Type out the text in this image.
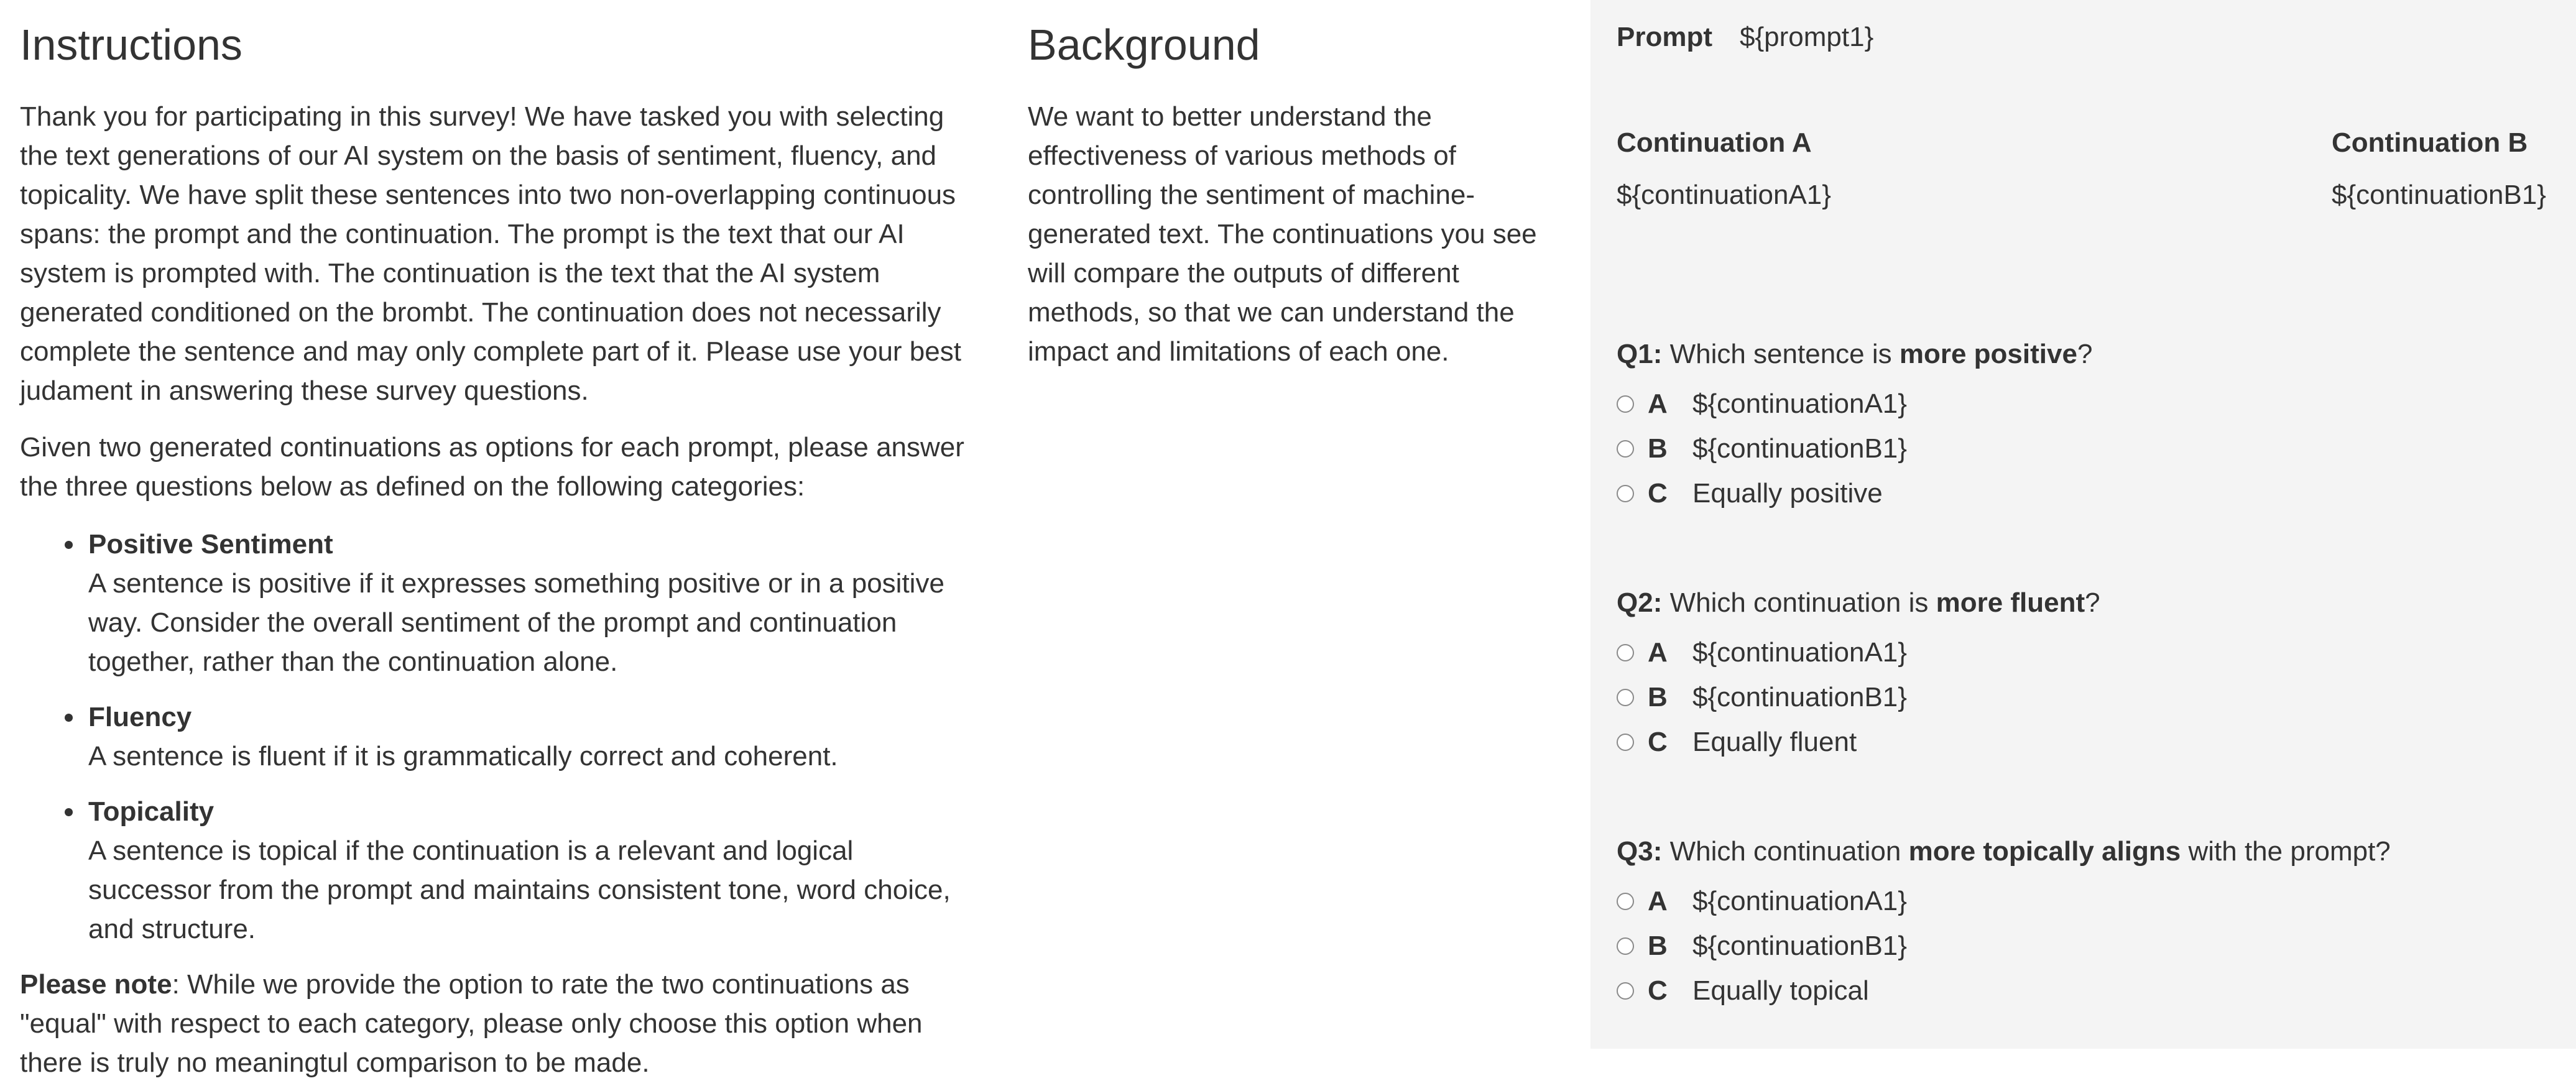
Instructions

Thank you for participating in this survey! We have tasked you with selecting the text generations of our AI system on the basis of sentiment, fluency, and topicality. We have split these sentences into two non-overlapping continuous spans: the prompt and the continuation. The prompt is the text that our AI system is prompted with. The continuation is the text that the AI system generated conditioned on the brombt. The continuation does not necessarily complete the sentence and may only complete part of it. Please use your best judament in answering these survey questions.

Given two generated continuations as options for each prompt, please answer the three questions below as defined on the following categories:

Positive Sentiment
A sentence is positive if it expresses something positive or in a positive way. Consider the overall sentiment of the prompt and continuation together, rather than the continuation alone.
Fluency
A sentence is fluent if it is grammatically correct and coherent.
Topicality
A sentence is topical if the continuation is a relevant and logical successor from the prompt and maintains consistent tone, word choice, and structure.

Please note: While we provide the option to rate the two continuations as "equal" with respect to each category, please only choose this option when there is truly no meaningtul comparison to be made.

Background

We want to better understand the effectiveness of various methods of controlling the sentiment of machine-generated text. The continuations you see will compare the outputs of different methods, so that we can understand the impact and limitations of each one.

Prompt ${prompt1}
Continuation A
${continuationA1}
Continuation B
${continuationB1}
Q1: Which sentence is more positive?
A ${continuationA1}
B ${continuationB1}
C Equally positive
Q2: Which continuation is more fluent?
A ${continuationA1}
B ${continuationB1}
C Equally fluent
Q3: Which continuation more topically aligns with the prompt?
A ${continuationA1}
B ${continuationB1}
C Equally topical
